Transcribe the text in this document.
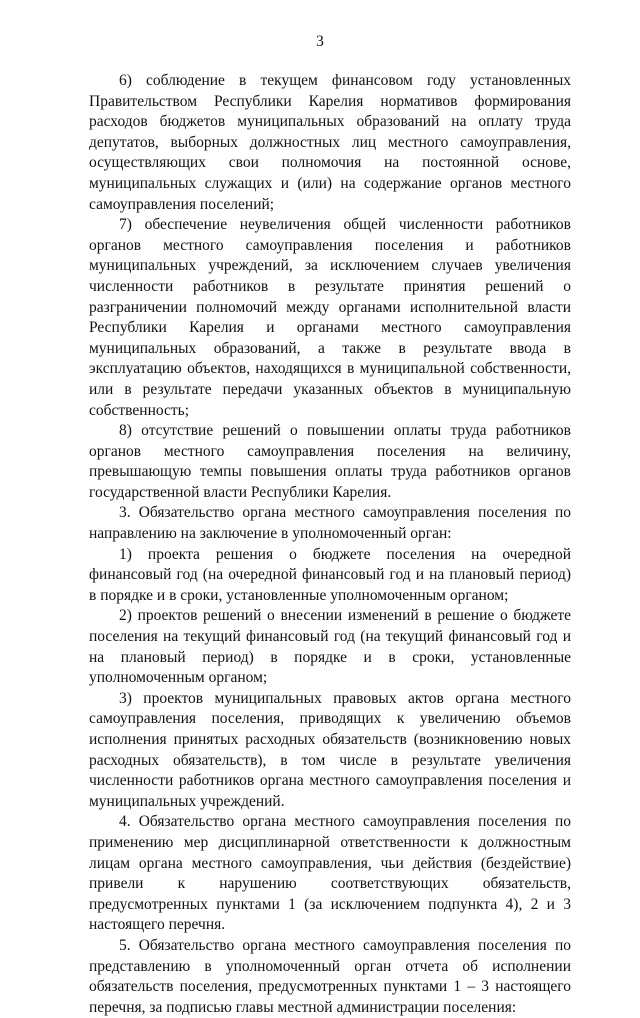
3

6) соблюдение в текущем финансовом году установленных Правительством Республики Карелия нормативов формирования расходов бюджетов муниципальных образований на оплату труда депутатов, выборных должностных лиц местного самоуправления, осуществляющих свои полномочия на постоянной основе, муниципальных служащих и (или) на содержание органов местного самоуправления поселений;

7) обеспечение неувеличения общей численности работников органов местного самоуправления поселения и работников муниципальных учреждений, за исключением случаев увеличения численности работников в результате принятия решений о разграничении полномочий между органами исполнительной власти Республики Карелия и органами местного самоуправления муниципальных образований, а также в результате ввода в эксплуатацию объектов, находящихся в муниципальной собственности, или в результате передачи указанных объектов в муниципальную собственность;

8) отсутствие решений о повышении оплаты труда работников органов местного самоуправления поселения на величину, превышающую темпы повышения оплаты труда работников органов государственной власти Республики Карелия.

3. Обязательство органа местного самоуправления поселения по направлению на заключение в уполномоченный орган:

1) проекта решения о бюджете поселения на очередной финансовый год (на очередной финансовый год и на плановый период) в порядке и в сроки, установленные уполномоченным органом;

2) проектов решений о внесении изменений в решение о бюджете поселения на текущий финансовый год (на текущий финансовый год и на плановый период) в порядке и в сроки, установленные уполномоченным органом;

3) проектов муниципальных правовых актов органа местного самоуправления поселения, приводящих к увеличению объемов исполнения принятых расходных обязательств (возникновению новых расходных обязательств), в том числе в результате увеличения численности работников органа местного самоуправления поселения и муниципальных учреждений.

4. Обязательство органа местного самоуправления поселения по применению мер дисциплинарной ответственности к должностным лицам органа местного самоуправления, чьи действия (бездействие) привели к нарушению соответствующих обязательств, предусмотренных пунктами 1 (за исключением подпункта 4), 2 и 3 настоящего перечня.

5. Обязательство органа местного самоуправления поселения по представлению в уполномоченный орган отчета об исполнении обязательств поселения, предусмотренных пунктами 1 – 3 настоящего перечня, за подписью главы местной администрации поселения:
